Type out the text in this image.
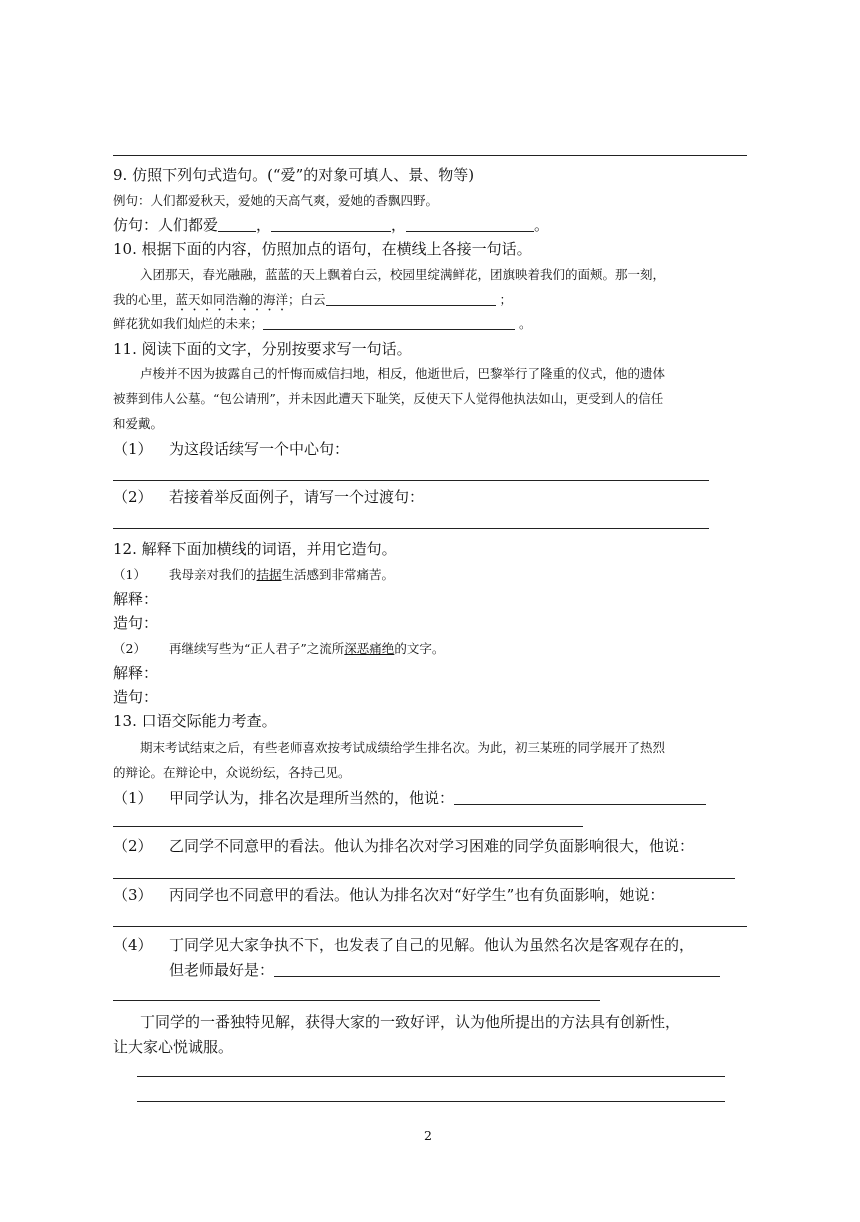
9. 仿照下列句式造句。(“爱”的对象可填人、景、物等)
例句：人们都爱秋天，爱她的天高气爽，爱她的香飘四野。
仿句：人们都爱	，	，	。
10. 根据下面的内容，仿照加点的语句，在横线上各接一句话。
入团那天，春光融融，蓝蓝的天上飘着白云，校园里绽满鲜花，团旗映着我们的面颊。那一刻，
我的心里，蓝天如同浩瀚的海洋；白云	；
鲜花犹如我们灿烂的未来；	。
11. 阅读下面的文字，分别按要求写一句话。
卢梭并不因为披露自己的忏悔而威信扫地，相反，他逝世后，巴黎举行了隆重的仪式，他的遗体
被葬到伟人公墓。“包公请刑”，并未因此遭天下耻笑，反使天下人觉得他执法如山，更受到人的信任
和爱戴。
（1） 为这段话续写一个中心句：
（2） 若接着举反面例子，请写一个过渡句：
12. 解释下面加横线的词语，并用它造句。
（1） 我母亲对我们的拮据生活感到非常痛苦。
解释：
造句：
（2） 再继续写些为“正人君子”之流所深恶痛绝的文字。
解释：
造句：
13. 口语交际能力考查。
期末考试结束之后，有些老师喜欢按考试成绩给学生排名次。为此，初三某班的同学展开了热烈
的辩论。在辩论中，众说纷纭，各持己见。
（1） 甲同学认为，排名次是理所当然的，他说：
（2） 乙同学不同意甲的看法。他认为排名次对学习困难的同学负面影响很大，他说：
（3） 丙同学也不同意甲的看法。他认为排名次对“好学生”也有负面影响，她说：
（4） 丁同学见大家争执不下，也发表了自己的见解。他认为虽然名次是客观存在的，
但老师最好是：
丁同学的一番独特见解，获得大家的一致好评，认为他所提出的方法具有创新性，
让大家心悦诚服。
2
